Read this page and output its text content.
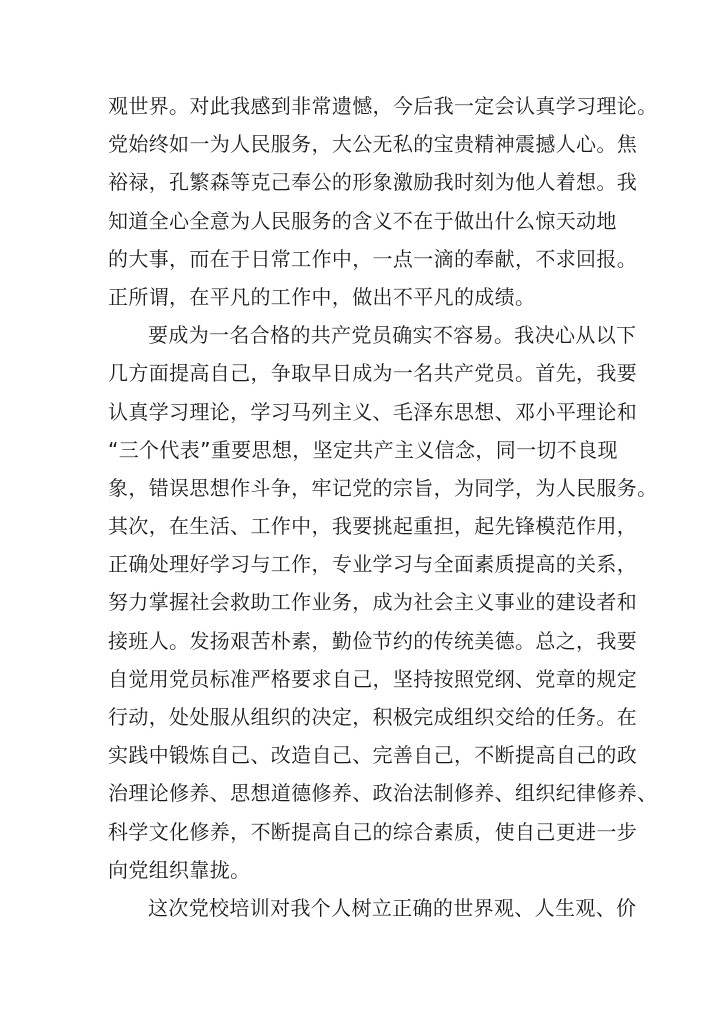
观世界。对此我感到非常遗憾，今后我一定会认真学习理论。
党始终如一为人民服务，大公无私的宝贵精神震撼人心。焦
裕禄，孔繁森等克己奉公的形象激励我时刻为他人着想。我
知道全心全意为人民服务的含义不在于做出什么惊天动地
的大事，而在于日常工作中，一点一滴的奉献，不求回报。
正所谓，在平凡的工作中，做出不平凡的成绩。
要成为一名合格的共产党员确实不容易。我决心从以下
几方面提高自己，争取早日成为一名共产党员。首先，我要
认真学习理论，学习马列主义、毛泽东思想、邓小平理论和
“三个代表”重要思想，坚定共产主义信念，同一切不良现
象，错误思想作斗争，牢记党的宗旨，为同学，为人民服务。
其次，在生活、工作中，我要挑起重担，起先锋模范作用，
正确处理好学习与工作，专业学习与全面素质提高的关系，
努力掌握社会救助工作业务，成为社会主义事业的建设者和
接班人。发扬艰苦朴素，勤俭节约的传统美德。总之，我要
自觉用党员标准严格要求自己，坚持按照党纲、党章的规定
行动，处处服从组织的决定，积极完成组织交给的任务。在
实践中锻炼自己、改造自己、完善自己，不断提高自己的政
治理论修养、思想道德修养、政治法制修养、组织纪律修养、
科学文化修养，不断提高自己的综合素质，使自己更进一步
向党组织靠拢。
这次党校培训对我个人树立正确的世界观、人生观、价
